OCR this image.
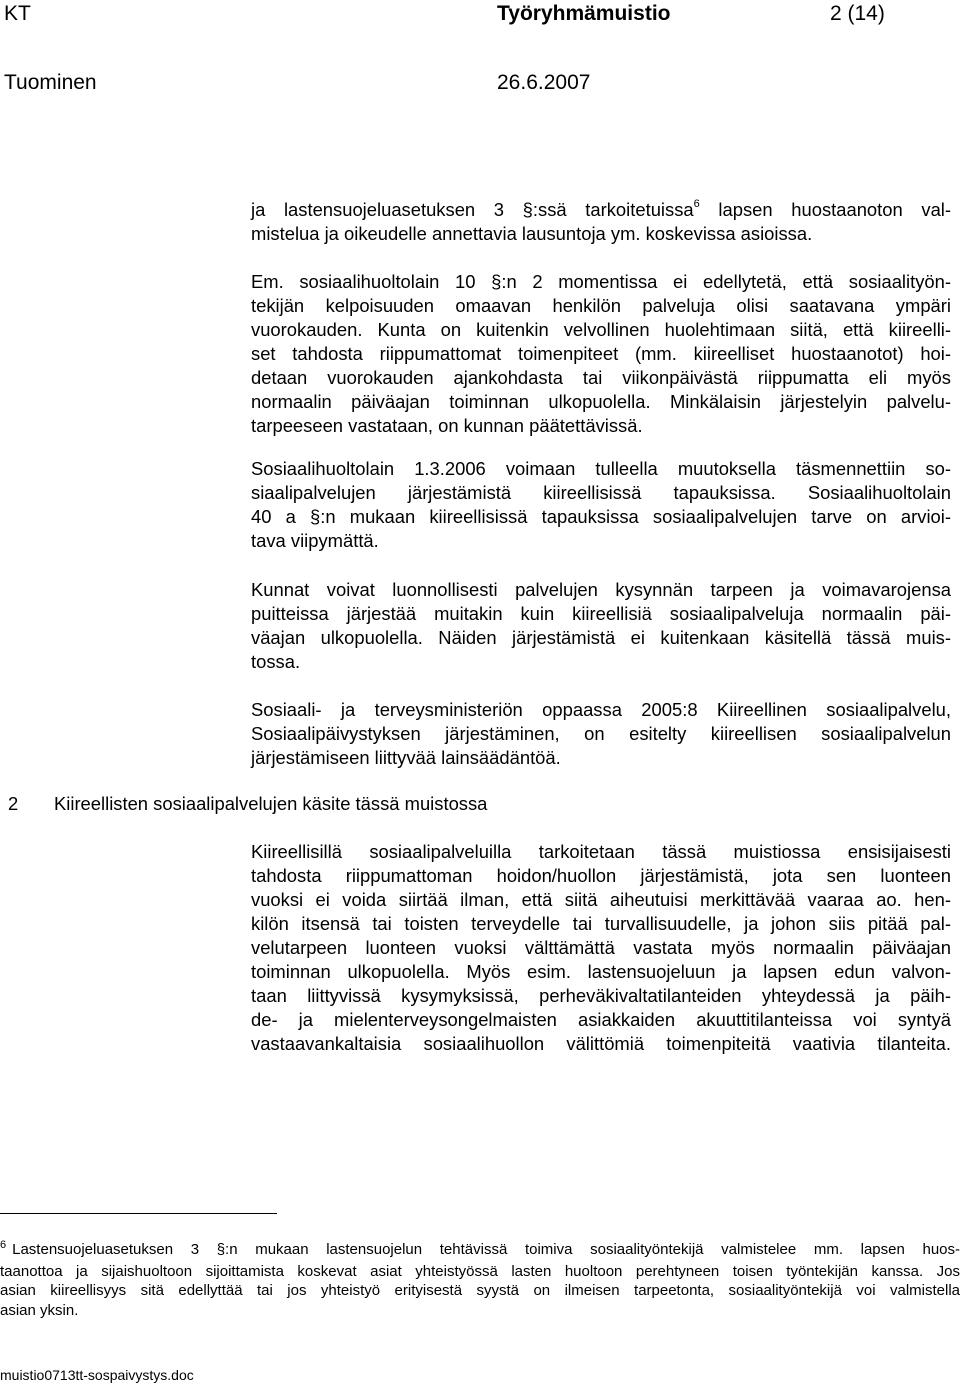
KT	Työryhmämuistio	2 (14)
Tuominen	26.6.2007
ja lastensuojeluasetuksen 3 §:ssä tarkoitetuissa$^6$ lapsen huostaanoton val-
mistelua ja oikeudelle annettavia lausuntoja ym. koskevissa asioissa.
Em. sosiaalihuoltolain 10 §:n 2 momentissa ei edellytetä, että sosiaalityön-
tekijän kelpoisuuden omaavan henkilön palveluja olisi saatavana ympäri
vuorokauden. Kunta on kuitenkin velvollinen huolehtimaan siitä, että kiireelli-
set tahdosta riippumattomat toimenpiteet (mm. kiireelliset huostaanotot) hoi-
detaan vuorokauden ajankohdasta tai viikonpäivästä riippumatta eli myös
normaalin päiväajan toiminnan ulkopuolella. Minkälaisin järjestelyin palvelu-
tarpeeseen vastataan, on kunnan päätettävissä.
Sosiaalihuoltolain 1.3.2006 voimaan tulleella muutoksella täsmennettiin so-
siaalipalvelujen järjestämistä kiireellisissä tapauksissa. Sosiaalihuoltolain
40 a §:n mukaan kiireellisissä tapauksissa sosiaalipalvelujen tarve on arvioi-
tava viipymättä.
Kunnat voivat luonnollisesti palvelujen kysynnän tarpeen ja voimavarojensa
puitteissa järjestää muitakin kuin kiireellisiä sosiaalipalveluja normaalin päi-
väajan ulkopuolella. Näiden järjestämistä ei kuitenkaan käsitellä tässä muis-
tossa.
Sosiaali- ja terveysministeriön oppaassa 2005:8 Kiireellinen sosiaalipalvelu,
Sosiaalipäivystyksen järjestäminen, on esitelty kiireellisen sosiaalipalvelun
järjestämiseen liittyvää lainsäädäntöä.
Kiireellisillä sosiaalipalveluilla tarkoitetaan tässä muistiossa ensisijaisesti
tahdosta riippumattoman hoidon/huollon järjestämistä, jota sen luonteen
vuoksi ei voida siirtää ilman, että siitä aiheutuisi merkittävää vaaraa ao. hen-
kilön itsensä tai toisten terveydelle tai turvallisuudelle, ja johon siis pitää pal-
velutarpeen luonteen vuoksi välttämättä vastata myös normaalin päiväajan
toiminnan ulkopuolella. Myös esim. lastensuojeluun ja lapsen edun valvon-
taan liittyvissä kysymyksissä, perheväkivaltatilanteiden yhteydessä ja päih-
de- ja mielenterveysongelmaisten asiakkaiden akuuttitilanteissa voi syntyä
vastaavankaltaisia sosiaalihuollon välittömiä toimenpiteitä vaativia tilanteita.
2 Kiireellisten sosiaalipalvelujen käsite tässä muistossa
$^6$ Lastensuojeluasetuksen 3 §:n mukaan lastensuojelun tehtävissä toimiva sosiaalityöntekijä valmistelee mm. lapsen huos-
taanottoa ja sijaishuoltoon sijoittamista koskevat asiat yhteistyössä lasten huoltoon perehtyneen toisen työntekijän kanssa. Jos
asian kiireellisyys sitä edellyttää tai jos yhteistyö erityisestä syystä on ilmeisen tarpeetonta, sosiaalityöntekijä voi valmistella
asian yksin.
muistio0713tt-sospaivystys.doc
